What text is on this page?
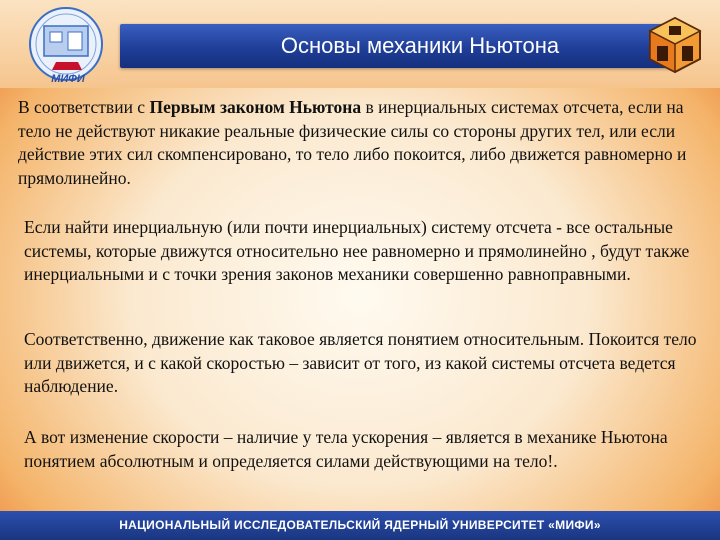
Основы механики Ньютона
МИФИ

В соответствии с Первым законом Ньютона в инерциальных системах отсчета, если на тело не действуют никакие реальные физические силы со стороны других тел, или если действие этих сил скомпенсировано, то тело либо покоится, либо движется равномерно и прямолинейно.

Если найти инерциальную (или почти инерциальных) систему отсчета - все остальные системы, которые движутся относительно нее равномерно и прямолинейно , будут также инерциальными и с точки зрения законов механики совершенно равноправными.

Соответственно, движение как таковое является понятием относительным. Покоится тело или движется, и с какой скоростью – зависит от того, из какой системы отсчета ведется наблюдение.

А вот изменение скорости – наличие у тела ускорения – является в механике Ньютона понятием абсолютным и определяется силами действующими на тело!.

НАЦИОНАЛЬНЫЙ ИССЛЕДОВАТЕЛЬСКИЙ ЯДЕРНЫЙ УНИВЕРСИТЕТ «МИФИ»
